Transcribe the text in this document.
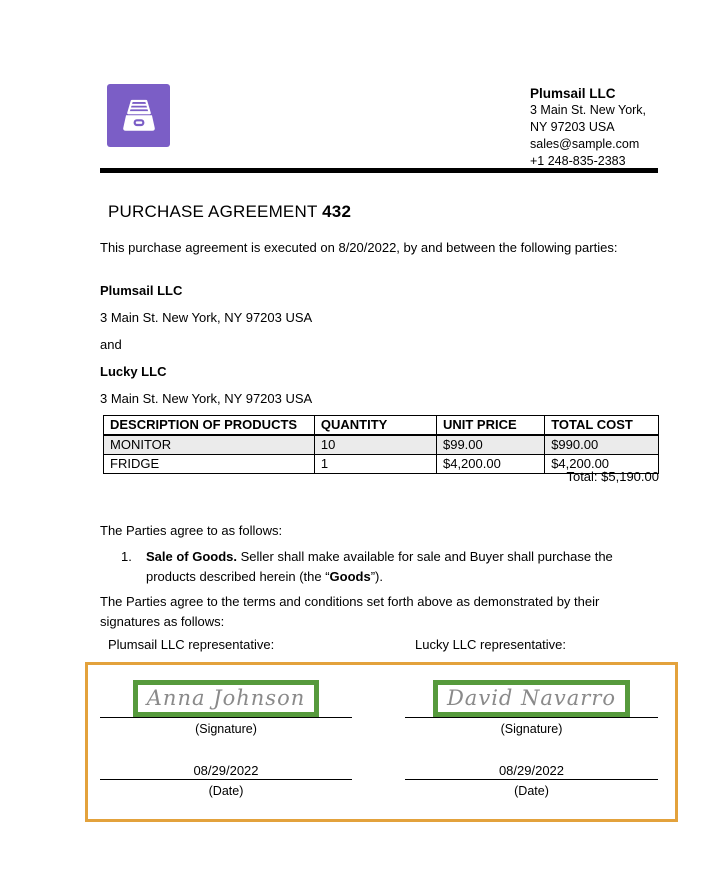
Plumsail LLC
3 Main St. New York,
NY 97203 USA
sales@sample.com
+1 248-835-2383
PURCHASE AGREEMENT 432

This purchase agreement is executed on 8/20/2022, by and between the following parties:

Plumsail LLC

3 Main St. New York, NY 97203 USA

and

Lucky LLC

3 Main St. New York, NY 97203 USA

DESCRIPTION OF PRODUCTS	QUANTITY	UNIT PRICE	TOTAL COST
MONITOR	10	$99.00	$990.00
FRIDGE	1	$4,200.00	$4,200.00

Total: $5,190.00

The Parties agree to as follows:

1.	Sale of Goods. Seller shall make available for sale and Buyer shall purchase the products described herein (the “Goods”).

The Parties agree to the terms and conditions set forth above as demonstrated by their signatures as follows:

Plumsail LLC representative:	Lucky LLC representative:

Anna Johnson
(Signature)
08/29/2022
(Date)
David Navarro
(Signature)
08/29/2022
(Date)
